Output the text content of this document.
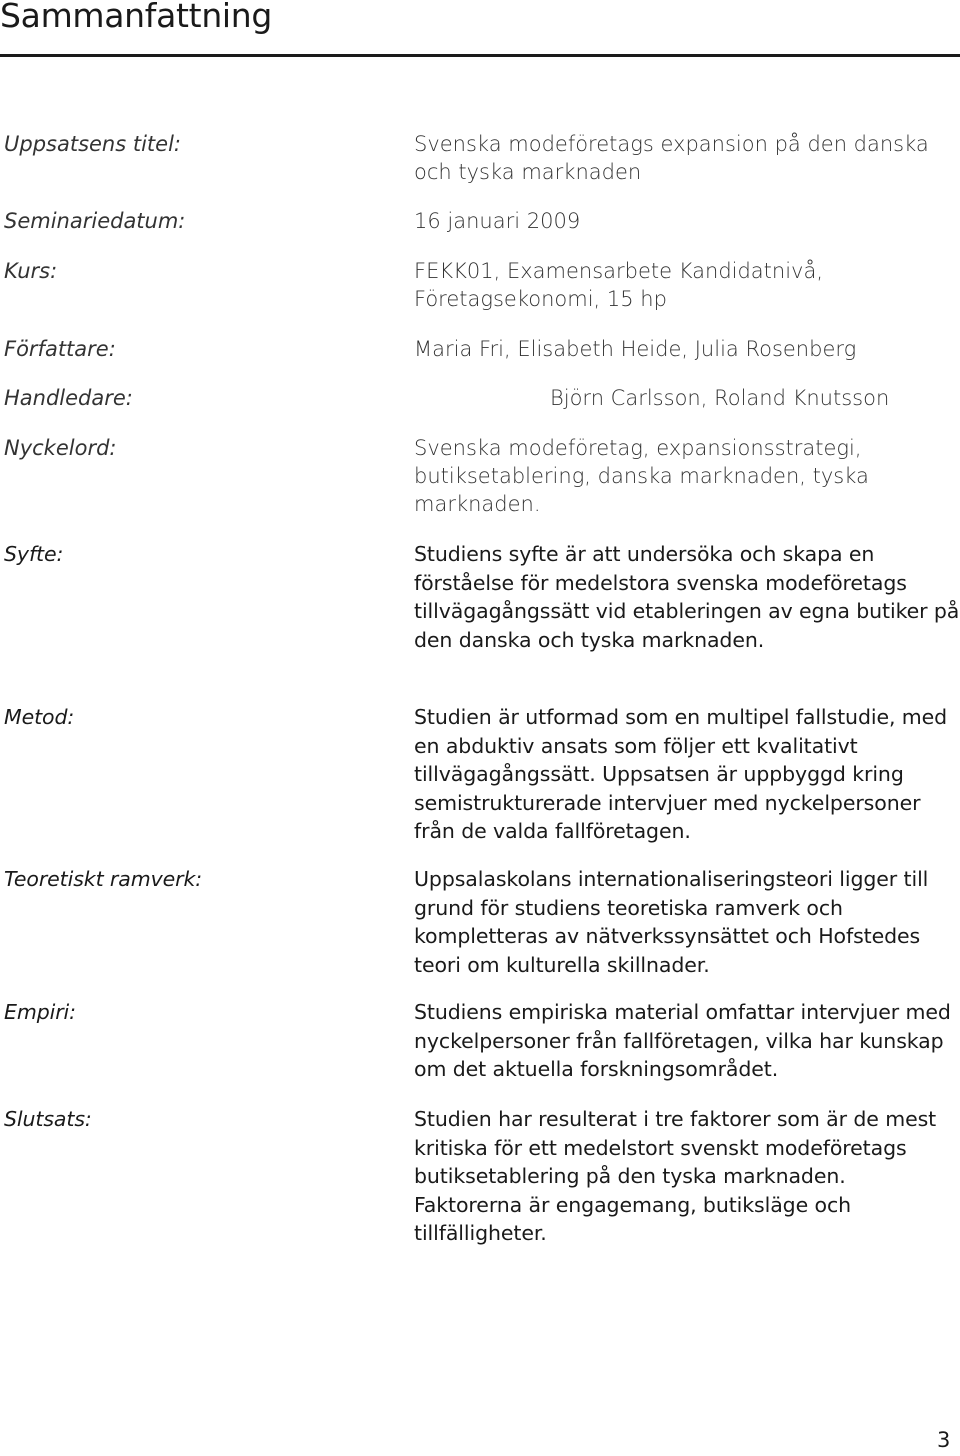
Sammanfattning
Uppsatsens titel:	Svenska modeföretags expansion på den danska och tyska marknaden
Seminariedatum:	16 januari 2009
Kurs:	FEKK01, Examensarbete Kandidatnivå, Företagsekonomi, 15 hp
Författare:	Maria Fri, Elisabeth Heide, Julia Rosenberg
Handledare:	Björn Carlsson, Roland Knutsson
Nyckelord:	Svenska modeföretag, expansionsstrategi, butiksetablering, danska marknaden, tyska marknaden.
Syfte:	Studiens syfte är att undersöka och skapa en förståelse för medelstora svenska modeföretags tillvägagångssätt vid etableringen av egna butiker på den danska och tyska marknaden.
Metod:	Studien är utformad som en multipel fallstudie, med en abduktiv ansats som följer ett kvalitativt tillvägagångssätt. Uppsatsen är uppbyggd kring semistrukturerade intervjuer med nyckelpersoner från de valda fallföretagen.
Teoretiskt ramverk:	Uppsalaskolans internationaliseringsteori ligger till grund för studiens teoretiska ramverk och kompletteras av nätverkssynsättet och Hofstedes teori om kulturella skillnader.
Empiri:	Studiens empiriska material omfattar intervjuer med nyckelpersoner från fallföretagen, vilka har kunskap om det aktuella forskningsområdet.
Slutsats:	Studien har resulterat i tre faktorer som är de mest kritiska för ett medelstort svenskt modeföretags butiksetablering på den tyska marknaden. Faktorerna är engagemang, butiksläge och tillfälligheter.
3
